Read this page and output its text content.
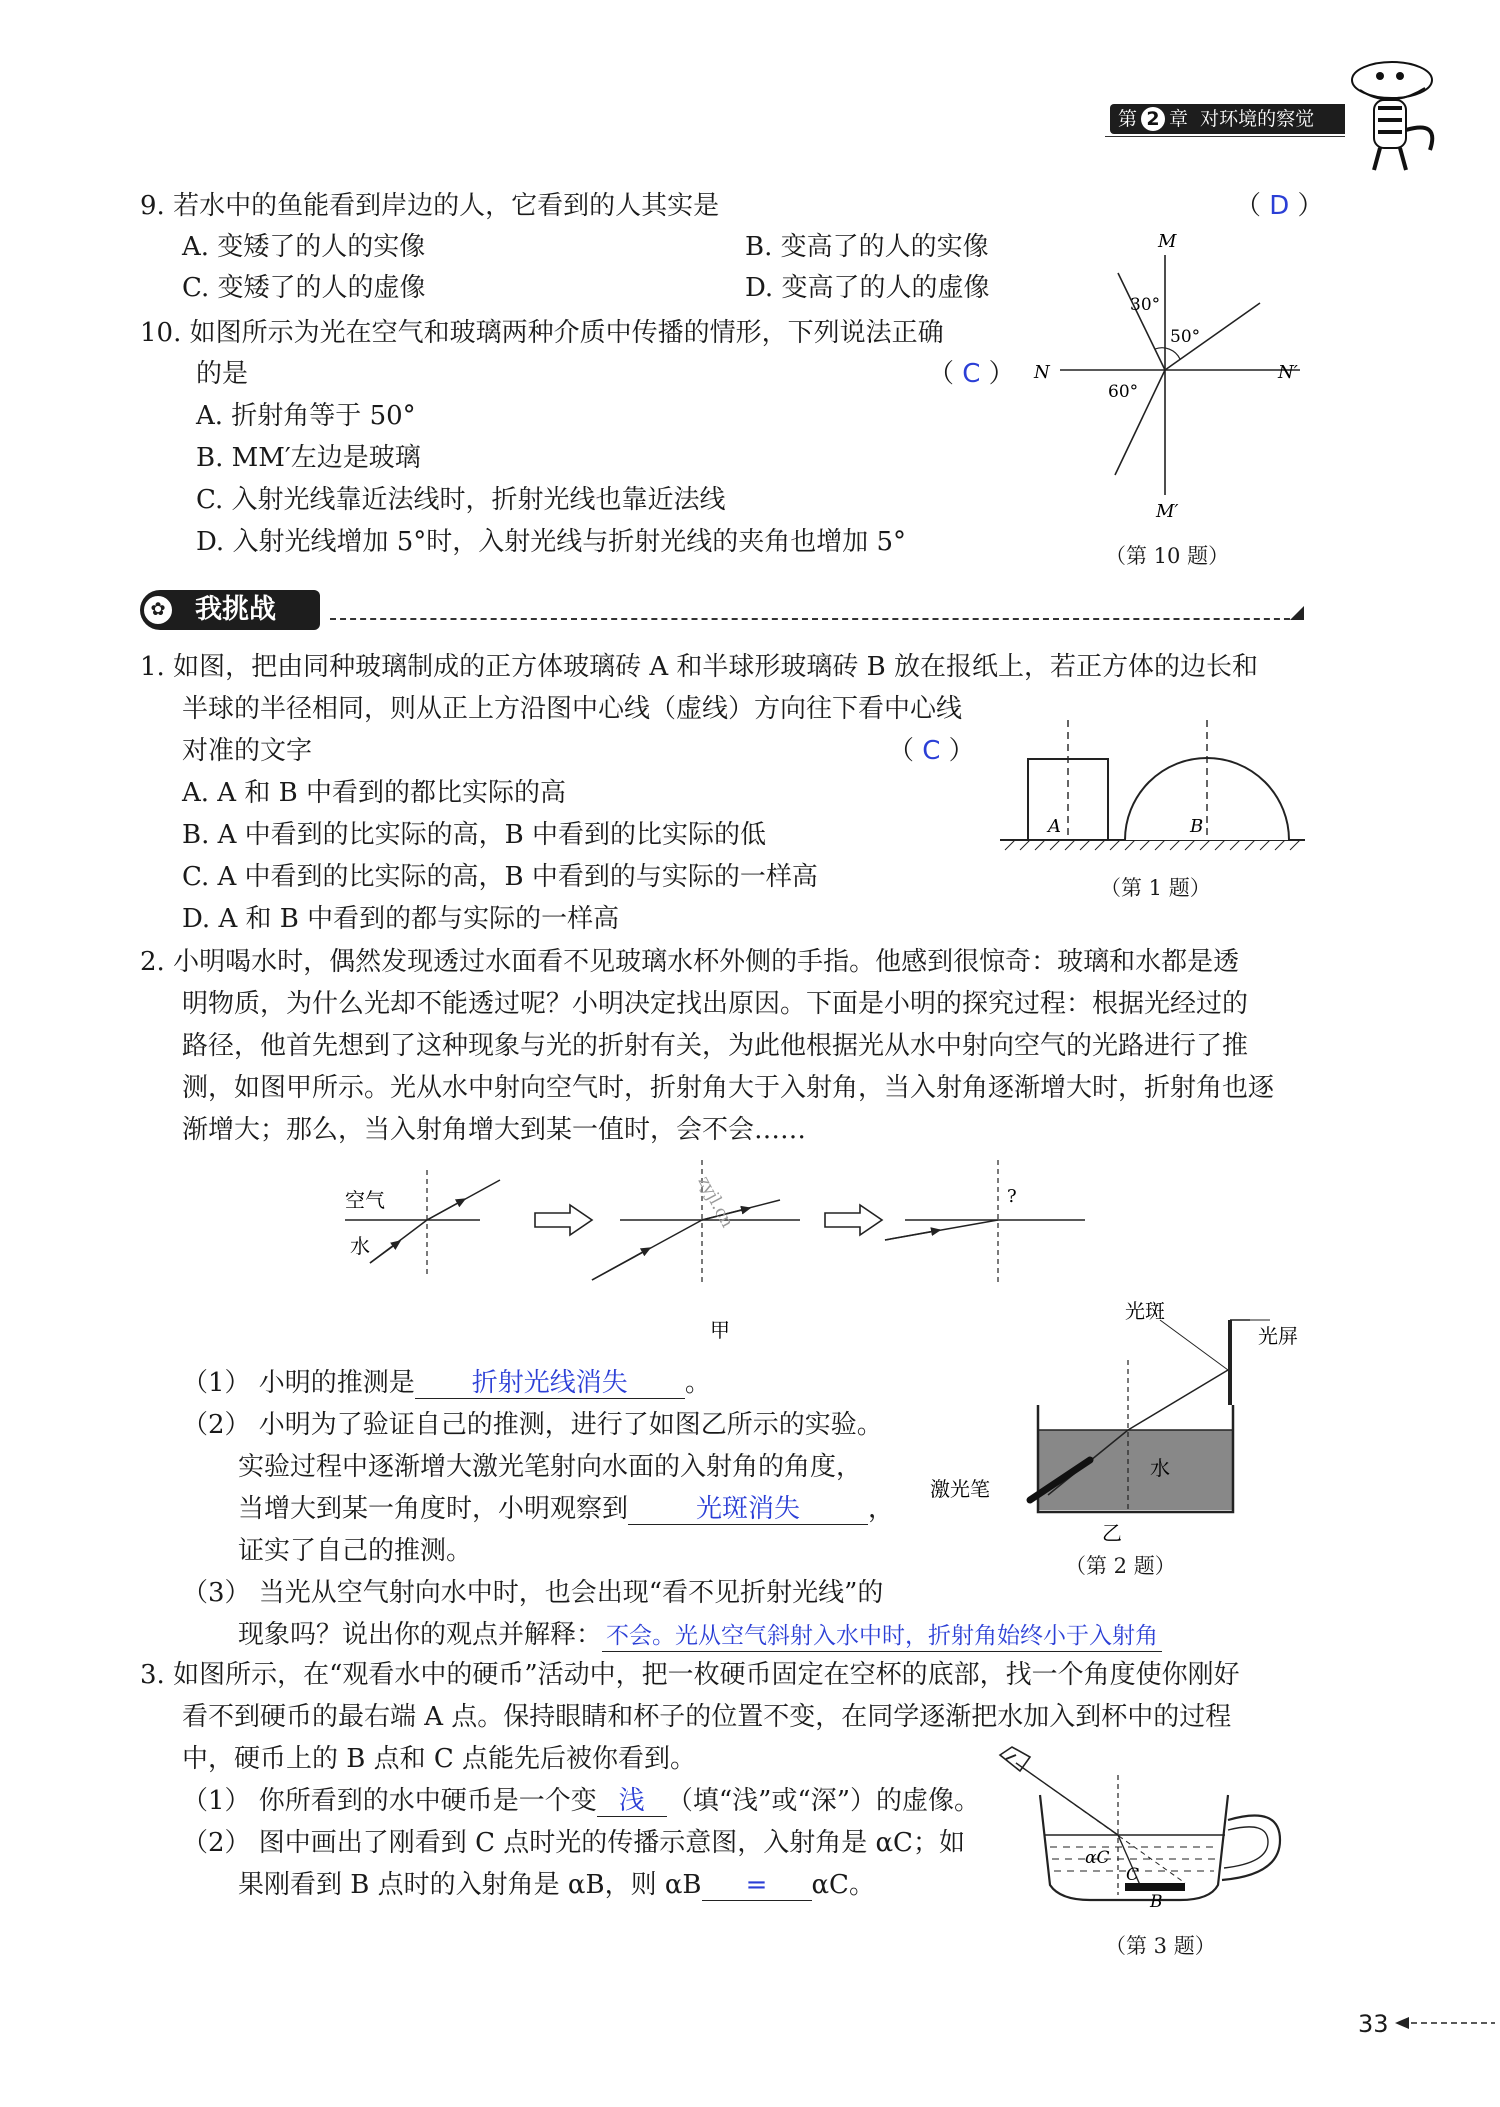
第 2 章 对环境的察觉
9. 若水中的鱼能看到岸边的人，它看到的人其实是	（ D ）
A. 变矮了的人的实像	B. 变高了的人的实像
C. 变矮了的人的虚像	D. 变高了的人的虚像
10. 如图所示为光在空气和玻璃两种介质中传播的情形，下列说法正确
的是	（ C ）
A. 折射角等于 50°
B. MM′左边是玻璃
C. 入射光线靠近法线时，折射光线也靠近法线
D. 入射光线增加 5°时，入射光线与折射光线的夹角也增加 5°
M
M′
N	N′
30°
50°
60°
（第 10 题）
我挑战
✿
1. 如图，把由同种玻璃制成的正方体玻璃砖 A 和半球形玻璃砖 B 放在报纸上，若正方体的边长和
半球的半径相同，则从正上方沿图中心线（虚线）方向往下看中心线
对准的文字	（ C ）
A. A 和 B 中看到的都比实际的高
B. A 中看到的比实际的高，B 中看到的比实际的低
C. A 中看到的比实际的高，B 中看到的与实际的一样高
D. A 和 B 中看到的都与实际的一样高
A	B
（第 1 题）
2. 小明喝水时，偶然发现透过水面看不见玻璃水杯外侧的手指。他感到很惊奇：玻璃和水都是透
明物质，为什么光却不能透过呢？小明决定找出原因。下面是小明的探究过程：根据光经过的
路径，他首先想到了这种现象与光的折射有关，为此他根据光从水中射向空气的光路进行了推
测，如图甲所示。光从水中射向空气时，折射角大于入射角，当入射角逐渐增大时，折射角也逐
渐增大；那么，当入射角增大到某一值时，会不会……
空气
水
zyjl.cn	?
甲
（1） 小明的推测是 折射光线消失 。
（2） 小明为了验证自己的推测，进行了如图乙所示的实验。
实验过程中逐渐增大激光笔射向水面的入射角的角度，
当增大到某一角度时，小明观察到	光斑消失	，
证实了自己的推测。
（3） 当光从空气射向水中时，也会出现“看不见折射光线”的
现象吗？说出你的观点并解释： 不会。光从空气斜射入水中时，折射角始终小于入射角
光斑
光屏
激光笔
水
乙
（第 2 题）
3. 如图所示，在“观看水中的硬币”活动中，把一枚硬币固定在空杯的底部，找一个角度使你刚好
看不到硬币的最右端 A 点。保持眼睛和杯子的位置不变，在同学逐渐把水加入到杯中的过程
中，硬币上的 B 点和 C 点能先后被你看到。
（1） 你所看到的水中硬币是一个变 浅 （填“浅”或“深”）的虚像。
（2） 图中画出了刚看到 C 点时光的传播示意图，入射角是 αC；如
果刚看到 B 点时的入射角是 αB，则 αB = αC。
αC
C
B
（第 3 题）
33
